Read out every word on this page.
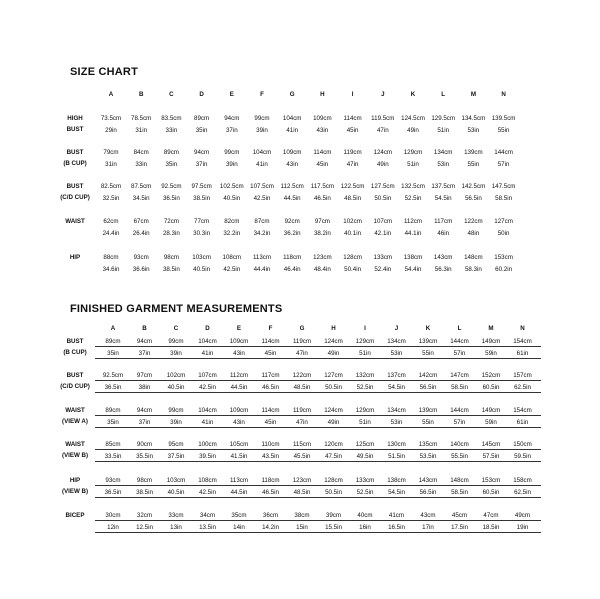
SIZE CHART
A	B	C	D	E	F	G	H	I	J	K	L	M	N
HIGH
BUST
73.5cm	78.5cm	83.5cm	89cm	94cm	99cm	104cm	109cm	114cm	119.5cm	124.5cm	129.5cm	134.5cm	139.5cm
29in	31in	33in	35in	37in	39in	41in	43in	45in	47in	49in	51in	53in	55in
BUST
(B CUP)
79cm	84cm	89cm	94cm	99cm	104cm	109cm	114cm	119cm	124cm	129cm	134cm	139cm	144cm
31in	33in	35in	37in	39in	41in	43in	45in	47in	49in	51in	53in	55in	57in
BUST
(C/D CUP)
82.5cm	87.5cm	92.5cm	97.5cm	102.5cm	107.5cm	112.5cm	117.5cm	122.5cm	127.5cm	132.5cm	137.5cm	142.5cm	147.5cm
32.5in	34.5in	36.5in	38.5in	40.5in	42.5in	44.5in	46.5in	48.5in	50.5in	52.5in	54.5in	56.5in	58.5in
WAIST	62cm	67cm	72cm	77cm	82cm	87cm	92cm	97cm	102cm	107cm	112cm	117cm	122cm	127cm
24.4in	26.4in	28.3in	30.3in	32.2in	34.2in	36.2in	38.2in	40.1in	42.1in	44.1in	46in	48in	50in
HIP	88cm	93cm	98cm	103cm	108cm	113cm	118cm	123cm	128cm	133cm	138cm	143cm	148cm	153cm
34.6in	36.6in	38.5in	40.5in	42.5in	44.4in	46.4in	48.4in	50.4in	52.4in	54.4in	56.3in	58.3in	60.2in
FINISHED GARMENT MEASUREMENTS
A	B	C	D	E	F	G	H	I	J	K	L	M	N
BUST
(B CUP)
89cm	94cm	99cm	104cm	109cm	114cm	119cm	124cm	129cm	134cm	139cm	144cm	149cm	154cm
35in	37in	39in	41in	43in	45in	47in	49in	51in	53in	55in	57in	59in	61in
BUST
(C/D CUP)
92.5cm	97cm	102cm	107cm	112cm	117cm	122cm	127cm	132cm	137cm	142cm	147cm	152cm	157cm
36.5in	38in	40.5in	42.5in	44.5in	46.5in	48.5in	50.5in	52.5in	54.5in	56.5in	58.5in	60.5in	62.5in
WAIST
(VIEW A)
89cm	94cm	99cm	104cm	109cm	114cm	119cm	124cm	129cm	134cm	139cm	144cm	149cm	154cm
35in	37in	39in	41in	43in	45in	47in	49in	51in	53in	55in	57in	59in	61in
WAIST
(VIEW B)
85cm	90cm	95cm	100cm	105cm	110cm	115cm	120cm	125cm	130cm	135cm	140cm	145cm	150cm
33.5in	35.5in	37.5in	39.5in	41.5in	43.5in	45.5in	47.5in	49.5in	51.5in	53.5in	55.5in	57.5in	59.5in
HIP
(VIEW B)
93cm	98cm	103cm	108cm	113cm	118cm	123cm	128cm	133cm	138cm	143cm	148cm	153cm	158cm
36.5in	38.5in	40.5in	42.5in	44.5in	46.5in	48.5in	50.5in	52.5in	54.5in	56.5in	58.5in	60.5in	62.5in
BICEP	30cm	32cm	33cm	34cm	35cm	36cm	38cm	39cm	40cm	41cm	43cm	45cm	47cm	49cm
12in	12.5in	13in	13.5in	14in	14.2in	15in	15.5in	16in	16.5in	17in	17.5in	18.5in	19in
